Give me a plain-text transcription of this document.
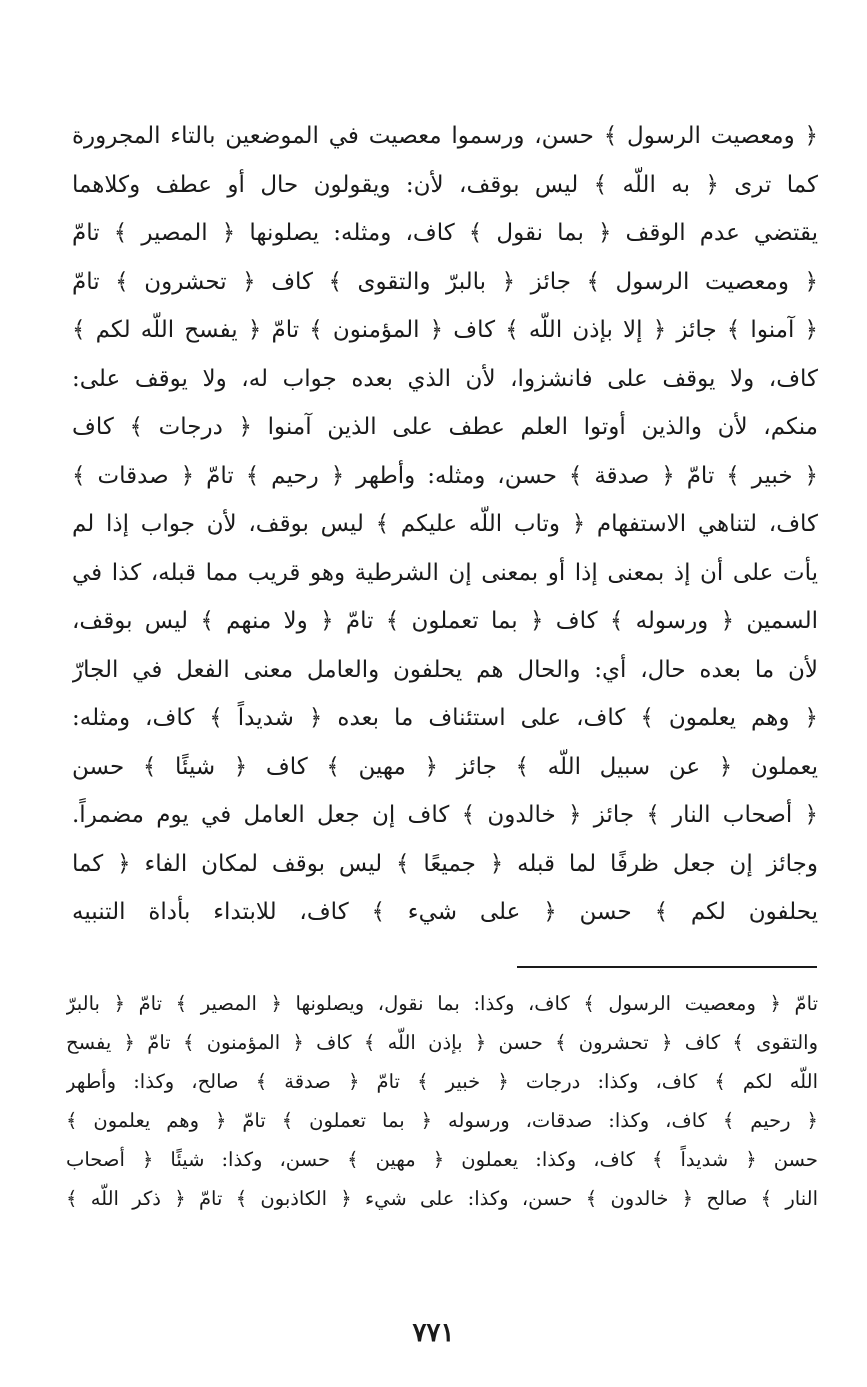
﴿ ومعصيت الرسول ﴾ حسن، ورسموا معصيت في الموضعين بالتاء المجرورة
كما ترى ﴿ به اللّه ﴾ ليس بوقف، لأن: ويقولون حال أو عطف وكلاهما
يقتضي عدم الوقف ﴿ بما نقول ﴾ كاف، ومثله: يصلونها ﴿ المصير ﴾ تامّ
﴿ ومعصيت الرسول ﴾ جائز ﴿ بالبرّ والتقوى ﴾ كاف ﴿ تحشرون ﴾ تامّ
﴿ آمنوا ﴾ جائز ﴿ إلا بإذن اللّه ﴾ كاف ﴿ المؤمنون ﴾ تامّ ﴿ يفسح اللّه لكم ﴾
كاف، ولا يوقف على فانشزوا، لأن الذي بعده جواب له، ولا يوقف على:
منكم، لأن والذين أوتوا العلم عطف على الذين آمنوا ﴿ درجات ﴾ كاف
﴿ خبير ﴾ تامّ ﴿ صدقة ﴾ حسن، ومثله: وأطهر ﴿ رحيم ﴾ تامّ ﴿ صدقات ﴾
كاف، لتناهي الاستفهام ﴿ وتاب اللّه عليكم ﴾ ليس بوقف، لأن جواب إذا لم
يأت على أن إذ بمعنى إذا أو بمعنى إن الشرطية وهو قريب مما قبله، كذا في
السمين ﴿ ورسوله ﴾ كاف ﴿ بما تعملون ﴾ تامّ ﴿ ولا منهم ﴾ ليس بوقف،
لأن ما بعده حال، أي: والحال هم يحلفون والعامل معنى الفعل في الجارّ
﴿ وهم يعلمون ﴾ كاف، على استئناف ما بعده ﴿ شديداً ﴾ كاف، ومثله:
يعملون ﴿ عن سبيل اللّه ﴾ جائز ﴿ مهين ﴾ كاف ﴿ شيئًا ﴾ حسن
﴿ أصحاب النار ﴾ جائز ﴿ خالدون ﴾ كاف إن جعل العامل في يوم مضمراً.
وجائز إن جعل ظرفًا لما قبله ﴿ جميعًا ﴾ ليس بوقف لمكان الفاء ﴿ كما
يحلفون لكم ﴾ حسن ﴿ على شيء ﴾ كاف، للابتداء بأداة التنبيه
تامّ ﴿ ومعصيت الرسول ﴾ كاف، وكذا: بما نقول، ويصلونها ﴿ المصير ﴾ تامّ ﴿ بالبرّ
والتقوى ﴾ كاف ﴿ تحشرون ﴾ حسن ﴿ بإذن اللّه ﴾ كاف ﴿ المؤمنون ﴾ تامّ ﴿ يفسح
اللّه لكم ﴾ كاف، وكذا: درجات ﴿ خبير ﴾ تامّ ﴿ صدقة ﴾ صالح، وكذا: وأطهر
﴿ رحيم ﴾ كاف، وكذا: صدقات، ورسوله ﴿ بما تعملون ﴾ تامّ ﴿ وهم يعلمون ﴾
حسن ﴿ شديداً ﴾ كاف، وكذا: يعملون ﴿ مهين ﴾ حسن، وكذا: شيئًا ﴿ أصحاب
النار ﴾ صالح ﴿ خالدون ﴾ حسن، وكذا: على شيء ﴿ الكاذبون ﴾ تامّ ﴿ ذكر اللّه ﴾
٧٧١
